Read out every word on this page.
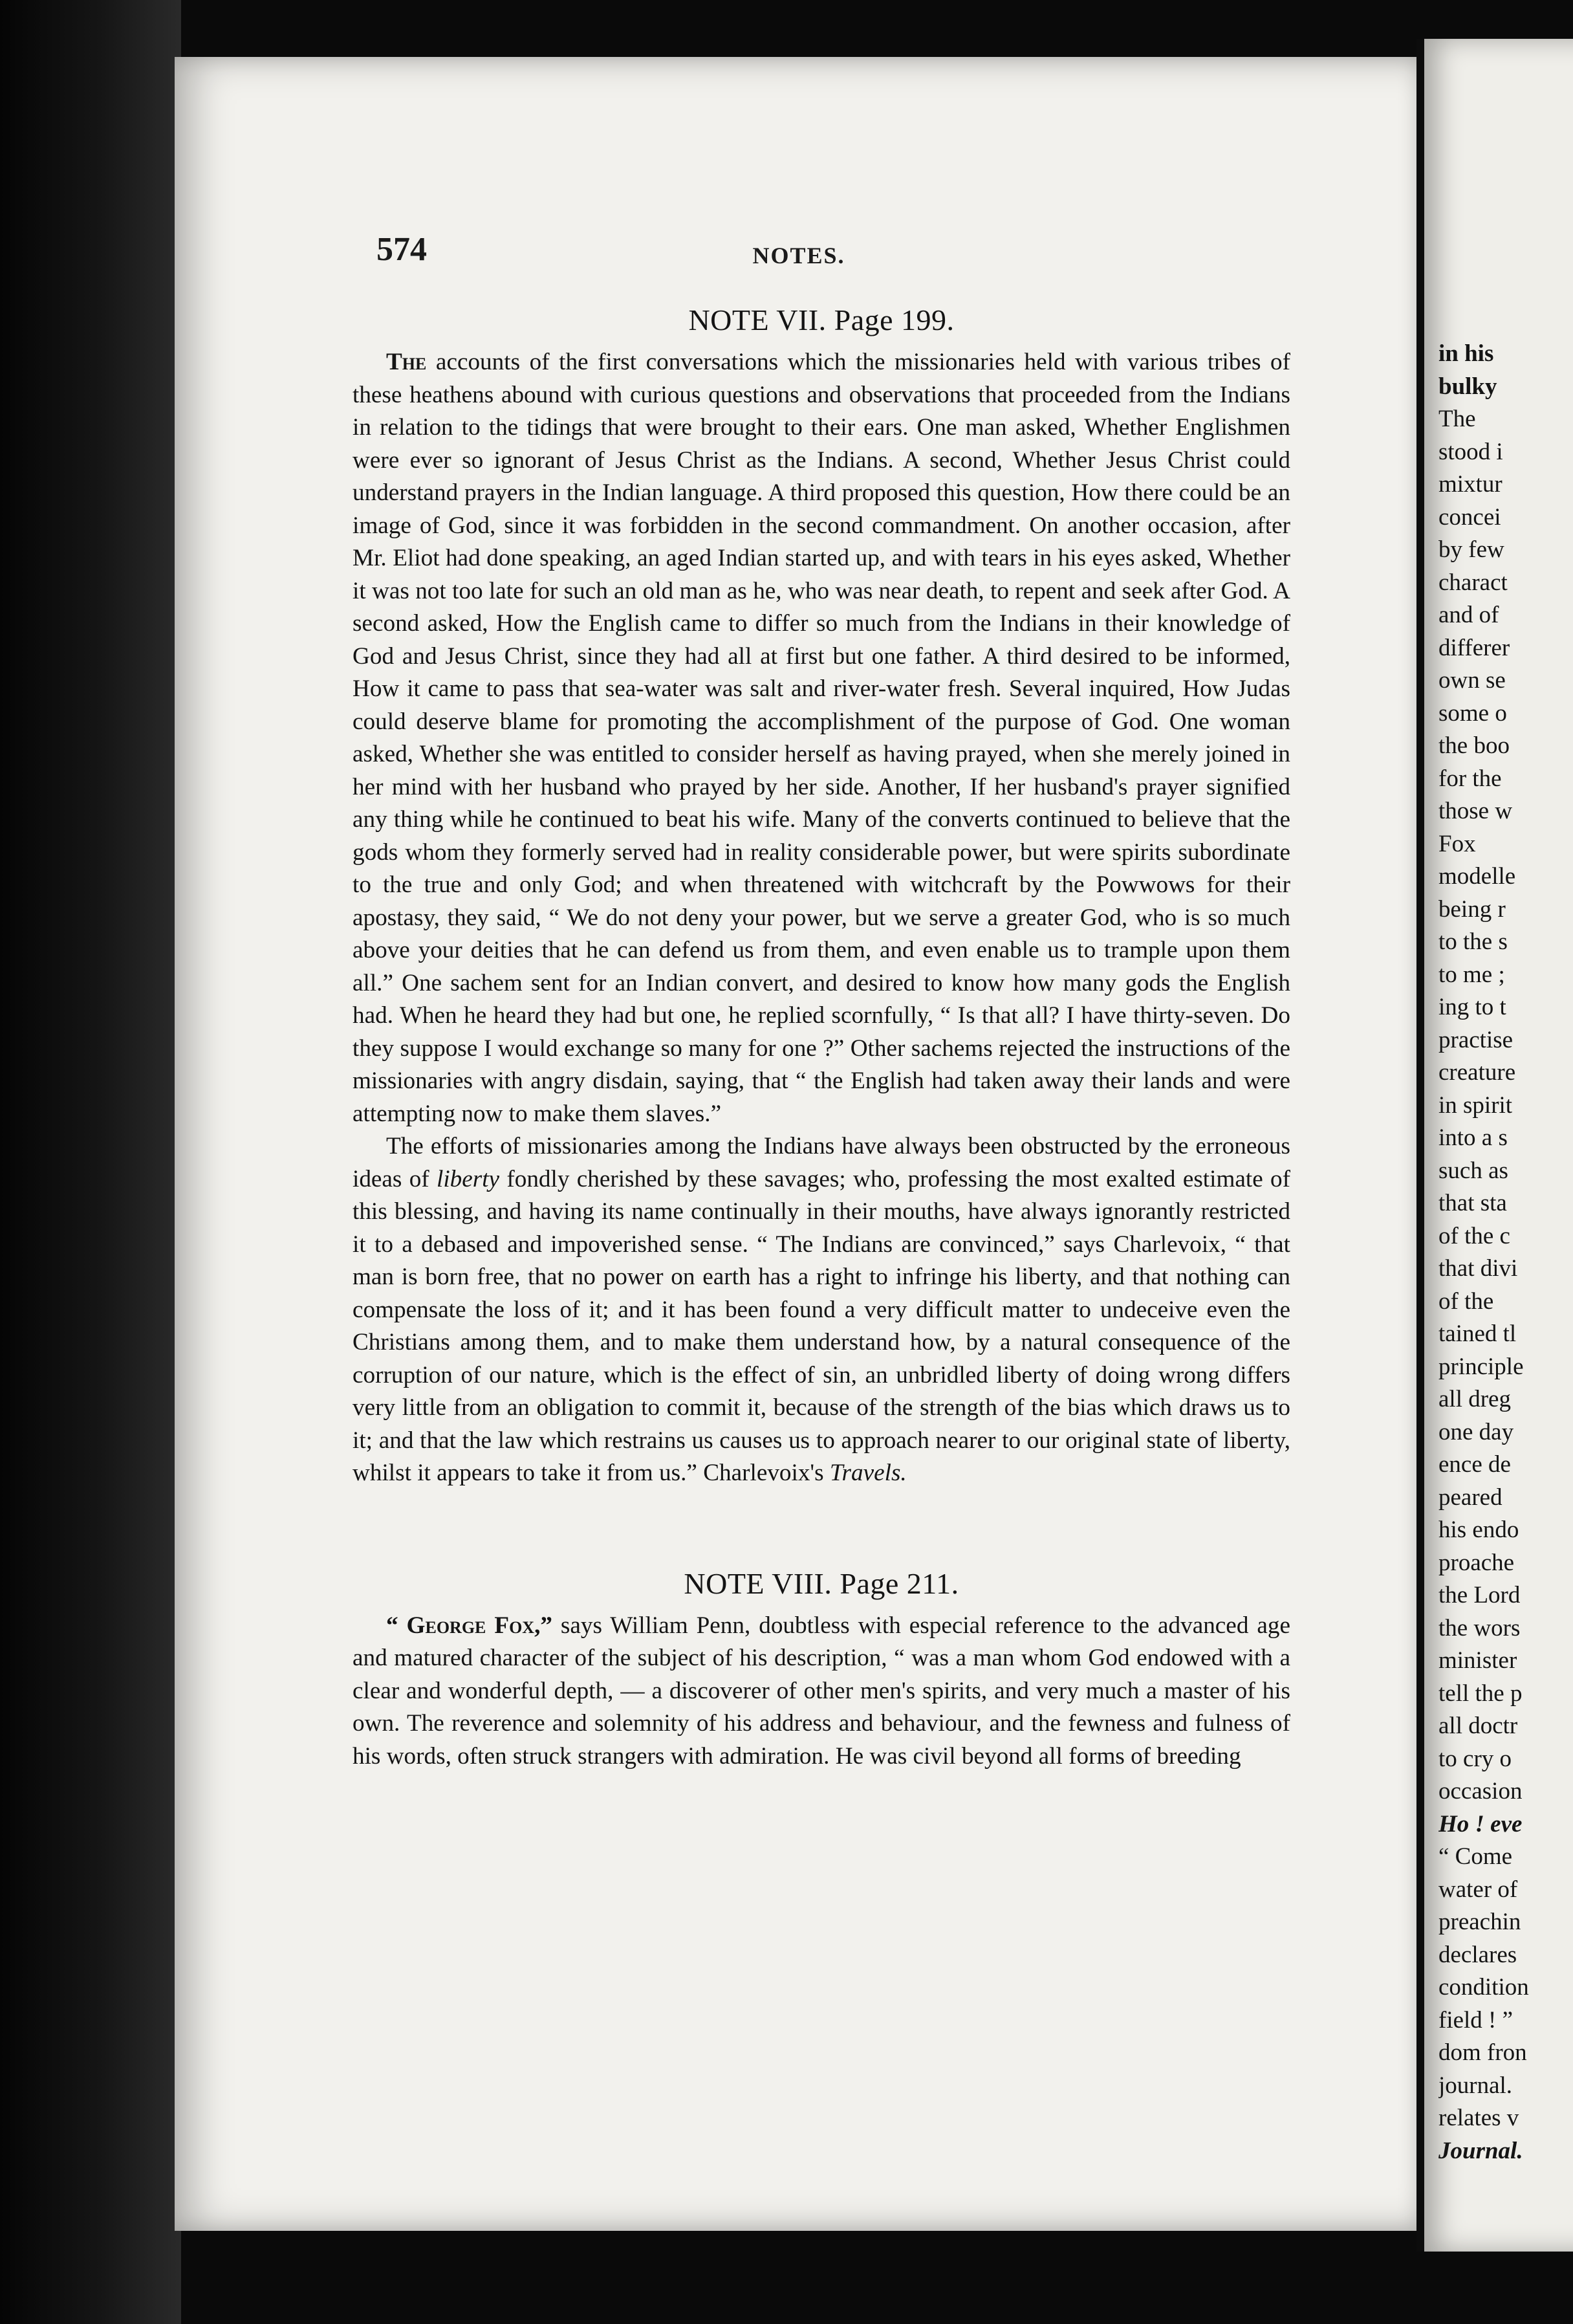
574	NOTES.

NOTE VII. Page 199.

The accounts of the first conversations which the missionaries held with various tribes of these heathens abound with curious questions and observations that proceeded from the Indians in relation to the tidings that were brought to their ears. One man asked, Whether Englishmen were ever so ignorant of Jesus Christ as the Indians. A second, Whether Jesus Christ could understand prayers in the Indian language. A third proposed this question, How there could be an image of God, since it was forbidden in the second commandment. On another occasion, after Mr. Eliot had done speaking, an aged Indian started up, and with tears in his eyes asked, Whether it was not too late for such an old man as he, who was near death, to repent and seek after God. A second asked, How the English came to differ so much from the Indians in their knowledge of God and Jesus Christ, since they had all at first but one father. A third desired to be informed, How it came to pass that sea-water was salt and river-water fresh. Several inquired, How Judas could deserve blame for promoting the accomplishment of the purpose of God. One woman asked, Whether she was entitled to consider herself as having prayed, when she merely joined in her mind with her husband who prayed by her side. Another, If her husband's prayer signified any thing while he continued to beat his wife. Many of the converts continued to believe that the gods whom they formerly served had in reality considerable power, but were spirits subordinate to the true and only God; and when threatened with witchcraft by the Powwows for their apostasy, they said, “ We do not deny your power, but we serve a greater God, who is so much above your deities that he can defend us from them, and even enable us to trample upon them all.” One sachem sent for an Indian convert, and desired to know how many gods the English had. When he heard they had but one, he replied scornfully, “ Is that all? I have thirty-seven. Do they suppose I would exchange so many for one ?” Other sachems rejected the instructions of the missionaries with angry disdain, saying, that “ the English had taken away their lands and were attempting now to make them slaves.”

The efforts of missionaries among the Indians have always been obstructed by the erroneous ideas of liberty fondly cherished by these savages; who, professing the most exalted estimate of this blessing, and having its name continually in their mouths, have always ignorantly restricted it to a debased and impoverished sense. “ The Indians are convinced,” says Charlevoix, “ that man is born free, that no power on earth has a right to infringe his liberty, and that nothing can compensate the loss of it; and it has been found a very difficult matter to undeceive even the Christians among them, and to make them understand how, by a natural consequence of the corruption of our nature, which is the effect of sin, an unbridled liberty of doing wrong differs very little from an obligation to commit it, because of the strength of the bias which draws us to it; and that the law which restrains us causes us to approach nearer to our original state of liberty, whilst it appears to take it from us.” Charlevoix's Travels.

NOTE VIII. Page 211.

“ George Fox,” says William Penn, doubtless with especial reference to the advanced age and matured character of the subject of his description, “ was a man whom God endowed with a clear and wonderful depth, — a discoverer of other men's spirits, and very much a master of his own. The reverence and solemnity of his address and behaviour, and the fewness and fulness of his words, often struck strangers with admiration. He was civil beyond all forms of breeding

in his
bulky
The
stood i
mixtur
concei
by few
charact
and of
differer
own se
some o
the boo
for the
those w
Fox
modelle
being r
to the s
to me ;
ing to t
practise
creature
in spirit
into a s
such as
that sta
of the c
that divi
of the
tained tl
principle
all dreg
one day
ence de
peared
his endo
proache
the Lord
the wors
minister
tell the p
all doctr
to cry o
occasion
Ho ! eve
“ Come
water of
preachin
declares
condition
field ! ”
dom fron
journal.
relates v
Journal.
